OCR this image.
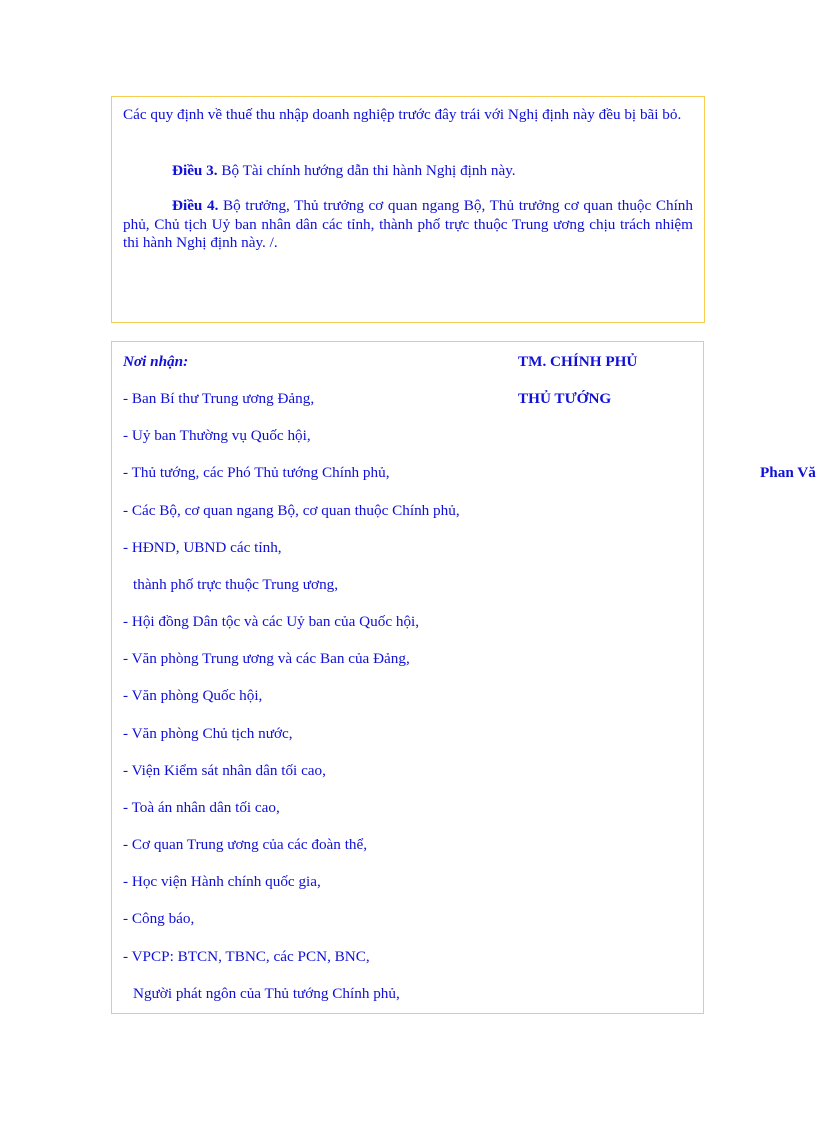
Các quy định về thuế thu nhập doanh nghiệp trước đây trái với Nghị định này đều bị bãi bỏ.

Điều 3. Bộ Tài chính hướng dẫn thi hành Nghị định này.

Điều 4. Bộ trưởng, Thủ trưởng cơ quan ngang Bộ, Thủ trưởng cơ quan thuộc Chính phủ, Chủ tịch Uỷ ban nhân dân các tỉnh, thành phố trực thuộc Trung ương chịu trách nhiệm thi hành Nghị định này. /.

Nơi nhận:	TM. CHÍNH PHỦ
THỦ TƯỚNG
- Ban Bí thư Trung ương Đảng,
- Uỷ ban Thường vụ Quốc hội,
- Thủ tướng, các Phó Thủ tướng Chính phủ,
- Các Bộ, cơ quan ngang Bộ, cơ quan thuộc Chính phủ,
- HĐND, UBND các tỉnh,
thành phố trực thuộc Trung ương,
- Hội đồng Dân tộc và các Uỷ ban của Quốc hội,
- Văn phòng Trung ương và các Ban của Đảng,
- Văn phòng Quốc hội,
- Văn phòng Chủ tịch nước,
- Viện Kiểm sát nhân dân tối cao,
- Toà án nhân dân tối cao,
- Cơ quan Trung ương của các đoàn thể,
- Học viện Hành chính quốc gia,
- Công báo,
- VPCP: BTCN, TBNC, các PCN, BNC,
Người phát ngôn của Thủ tướng Chính phủ,
Phan Vă
